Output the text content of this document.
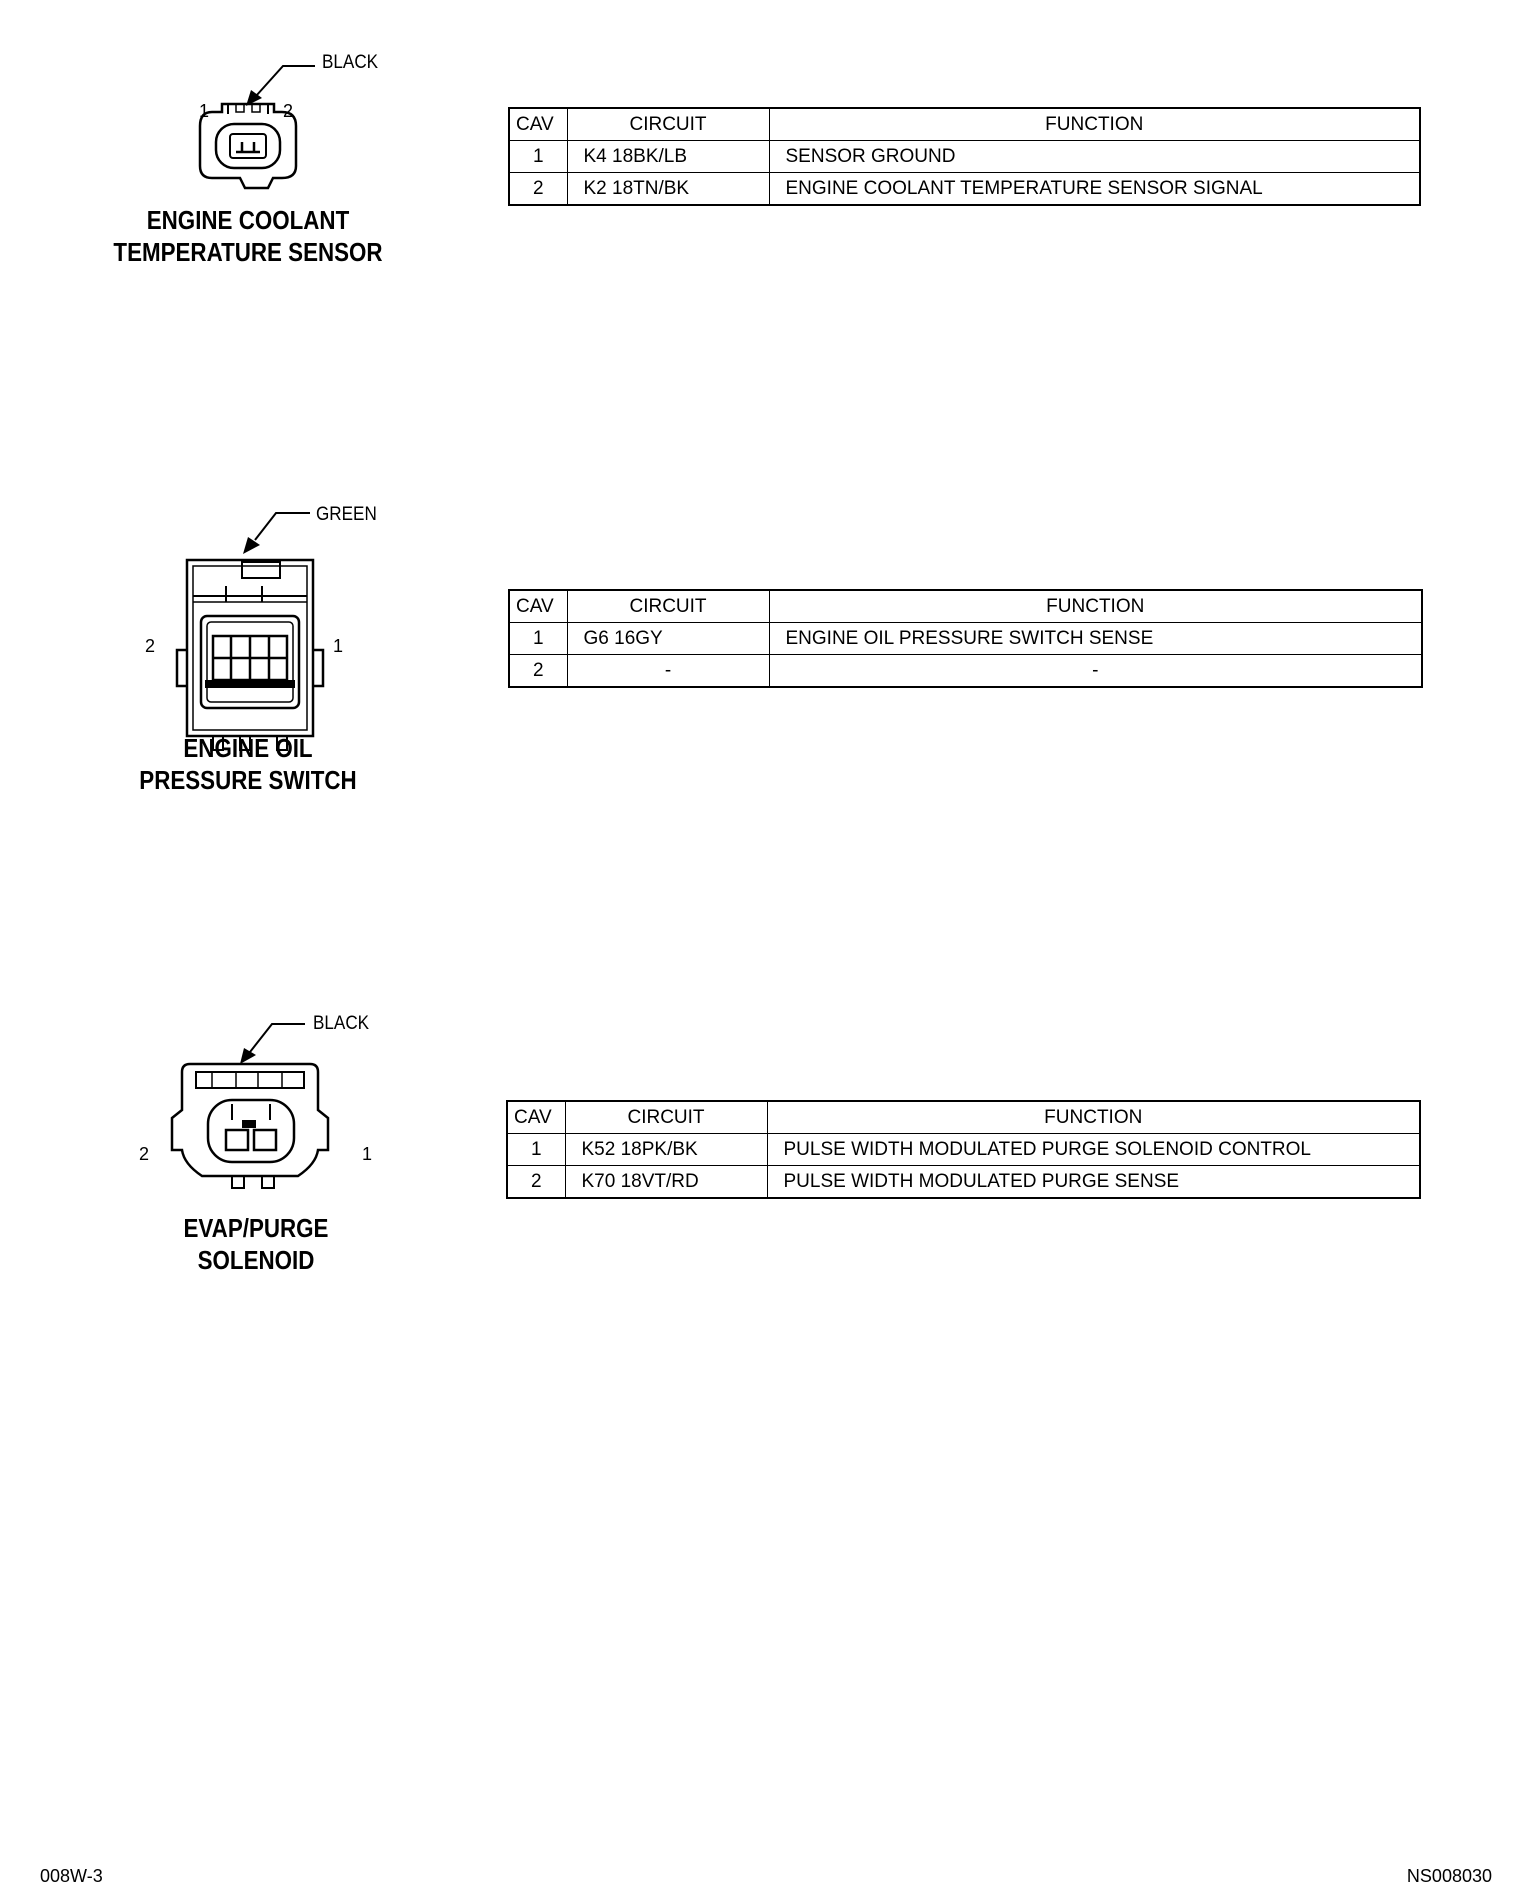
BLACK
1	2
ENGINE COOLANT
TEMPERATURE SENSOR
CAV	CIRCUIT	FUNCTION
1	K4 18BK/LB	SENSOR GROUND
2	K2 18TN/BK	ENGINE COOLANT TEMPERATURE SENSOR SIGNAL
GREEN
2	1
ENGINE OIL
PRESSURE SWITCH
CAV	CIRCUIT	FUNCTION
1	G6 16GY	ENGINE OIL PRESSURE SWITCH SENSE
2	-	-
BLACK
2	1
EVAP/PURGE
SOLENOID
CAV	CIRCUIT	FUNCTION
1	K52 18PK/BK	PULSE WIDTH MODULATED PURGE SOLENOID CONTROL
2	K70 18VT/RD	PULSE WIDTH MODULATED PURGE SENSE
008W-3	NS008030
